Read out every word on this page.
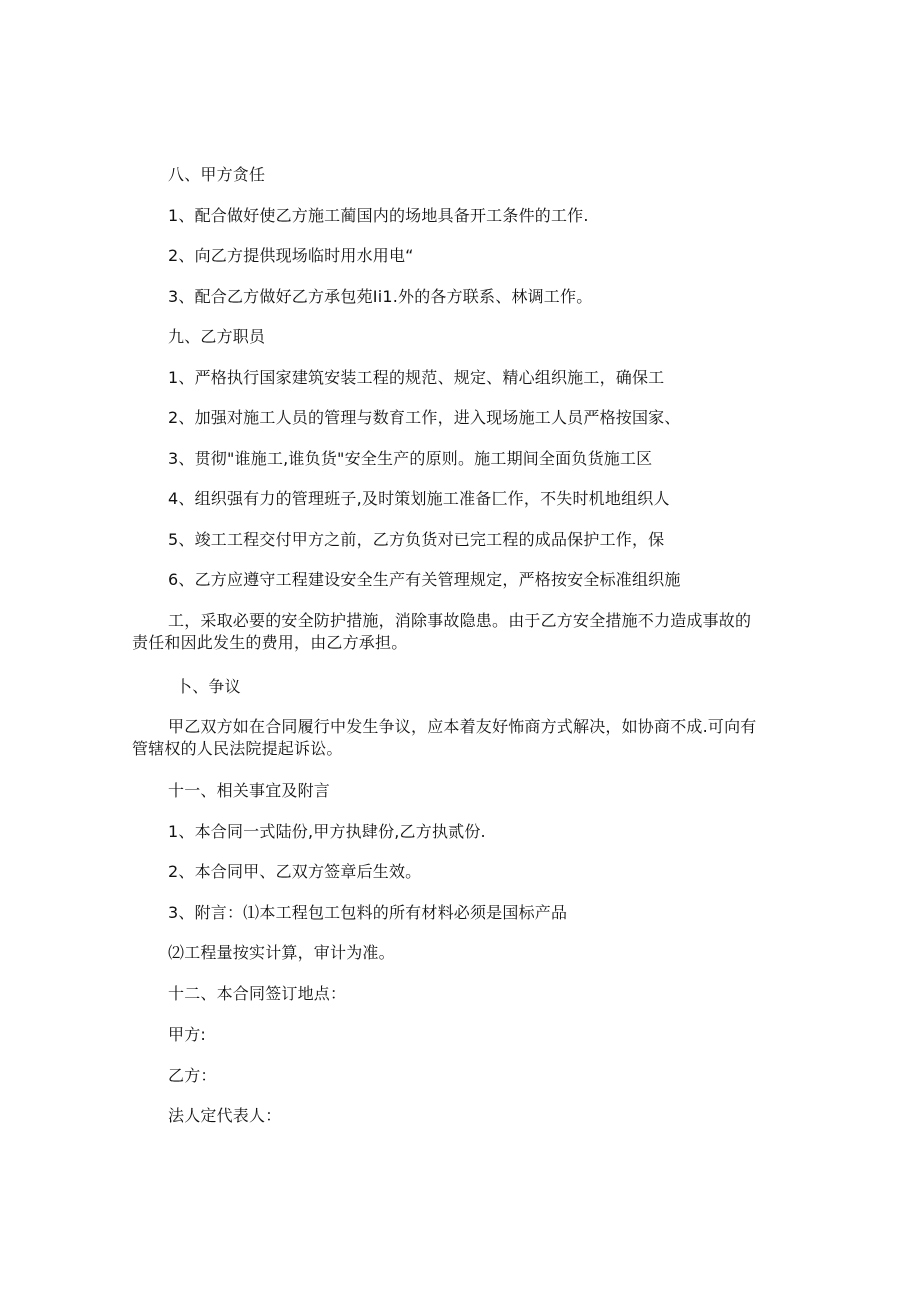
八、甲方贪任
1、配合做好使乙方施工蔺国内的场地具备开工条件的工作.
2、向乙方提供现场临时用水用电“
3、配合乙方做好乙方承包苑Ii1.外的各方联系、林调工作。
九、乙方职员
1、严格执行国家建筑安装工程的规范、规定、精心组织施工，确保工
2、加强对施工人员的管理与数育工作，进入现场施工人员严格按国家、
3、贯彻"谁施工,谁负货"安全生产的原则。施工期间全面负货施工区
4、组织强有力的管理班子,及时策划施工准备匚作，不失时机地组织人
5、竣工工程交付甲方之前，乙方负货对已完工程的成品保护工作，保
6、乙方应遵守工程建设安全生产有关管理规定，严格按安全标准组织施
工，采取必要的安全防护措施，消除事故隐患。由于乙方安全措施不力造成事故的
责任和因此发生的费用，由乙方承担。
卜、争议
甲乙双方如在合同履行中发生争议，应本着友好怖商方式解决，如协商不成.可向有
管辖权的人民法院提起诉讼。
十一、相关事宜及附言
1、本合同一式陆份,甲方执肆份,乙方执贰份.
2、本合同甲、乙双方签章后生效。
3、附言：⑴本工程包工包料的所有材料必须是国标产品
⑵工程量按实计算，审计为准。
十二、本合同签订地点：
甲方:
乙方：
法人定代表人：
